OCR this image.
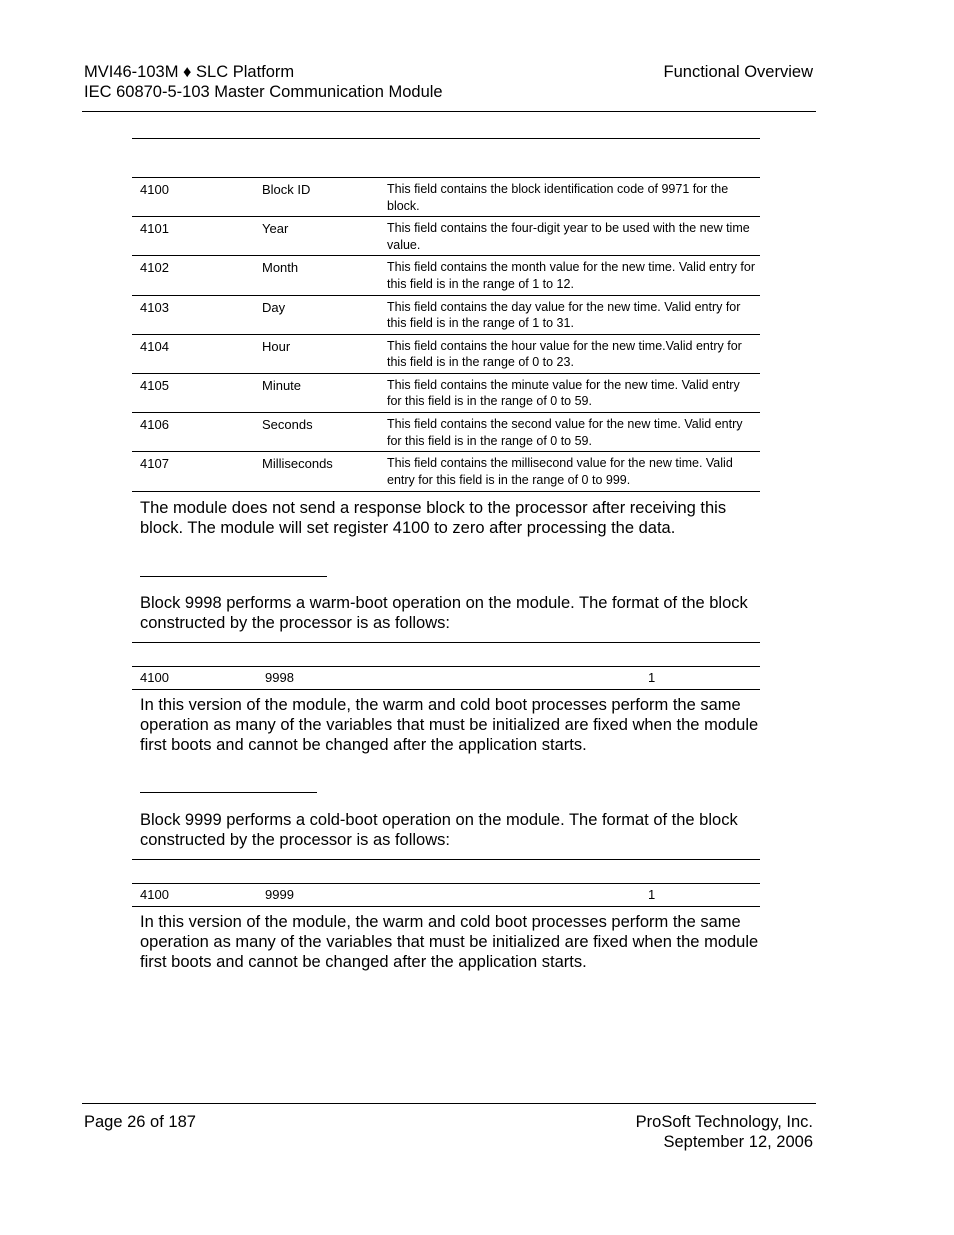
MVI46-103M ♦ SLC Platform
IEC 60870-5-103 Master Communication Module
Functional Overview
4100	Block ID	This field contains the block identification code of 9971 for the block.
4101	Year	This field contains the four-digit year to be used with the new time value.
4102	Month	This field contains the month value for the new time. Valid entry for this field is in the range of 1 to 12.
4103	Day	This field contains the day value for the new time. Valid entry for this field is in the range of 1 to 31.
4104	Hour	This field contains the hour value for the new time.Valid entry for this field is in the range of 0 to 23.
4105	Minute	This field contains the minute value for the new time. Valid entry for this field is in the range of 0 to 59.
4106	Seconds	This field contains the second value for the new time. Valid entry for this field is in the range of 0 to 59.
4107	Milliseconds	This field contains the millisecond value for the new time. Valid entry for this field is in the range of 0 to 999.
The module does not send a response block to the processor after receiving this block. The module will set register 4100 to zero after processing the data.
Block 9998 performs a warm-boot operation on the module. The format of the block constructed by the processor is as follows:
4100	9998	1
In this version of the module, the warm and cold boot processes perform the same operation as many of the variables that must be initialized are fixed when the module first boots and cannot be changed after the application starts.
Block 9999 performs a cold-boot operation on the module. The format of the block constructed by the processor is as follows:
4100	9999	1
In this version of the module, the warm and cold boot processes perform the same operation as many of the variables that must be initialized are fixed when the module first boots and cannot be changed after the application starts.
Page 26 of 187	ProSoft Technology, Inc.
September 12, 2006
